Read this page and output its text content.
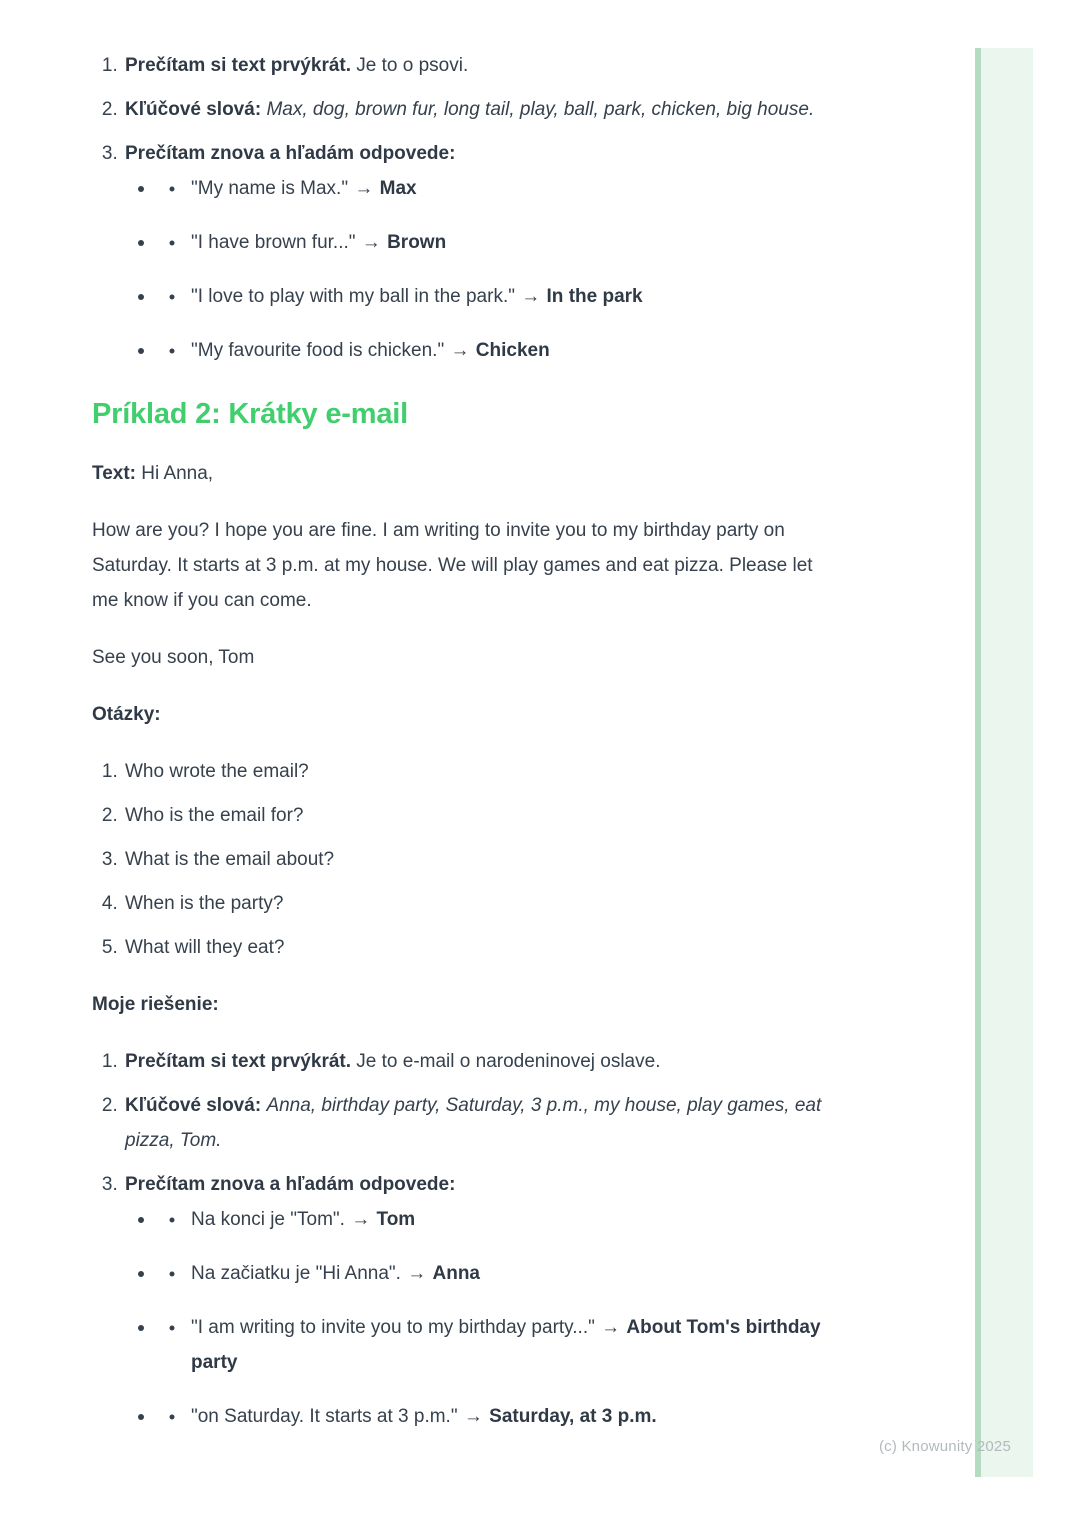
1. Prečítam si text prvýkrát. Je to o psovi.
2. Kľúčové slová: Max, dog, brown fur, long tail, play, ball, park, chicken, big house.
3. Prečítam znova a hľadám odpovede:
"My name is Max." → Max
"I have brown fur..." → Brown
"I love to play with my ball in the park." → In the park
"My favourite food is chicken." → Chicken
Príklad 2: Krátky e-mail

Text: Hi Anna,

How are you? I hope you are fine. I am writing to invite you to my birthday party on Saturday. It starts at 3 p.m. at my house. We will play games and eat pizza. Please let me know if you can come.

See you soon, Tom

Otázky:

1. Who wrote the email?
2. Who is the email for?
3. What is the email about?
4. When is the party?
5. What will they eat?

Moje riešenie:

1. Prečítam si text prvýkrát. Je to e-mail o narodeninovej oslave.
2. Kľúčové slová: Anna, birthday party, Saturday, 3 p.m., my house, play games, eat pizza, Tom.
3. Prečítam znova a hľadám odpovede:
Na konci je "Tom". → Tom
Na začiatku je "Hi Anna". → Anna
"I am writing to invite you to my birthday party..." → About Tom's birthday party
"on Saturday. It starts at 3 p.m." → Saturday, at 3 p.m.
(c) Knowunity 2025
